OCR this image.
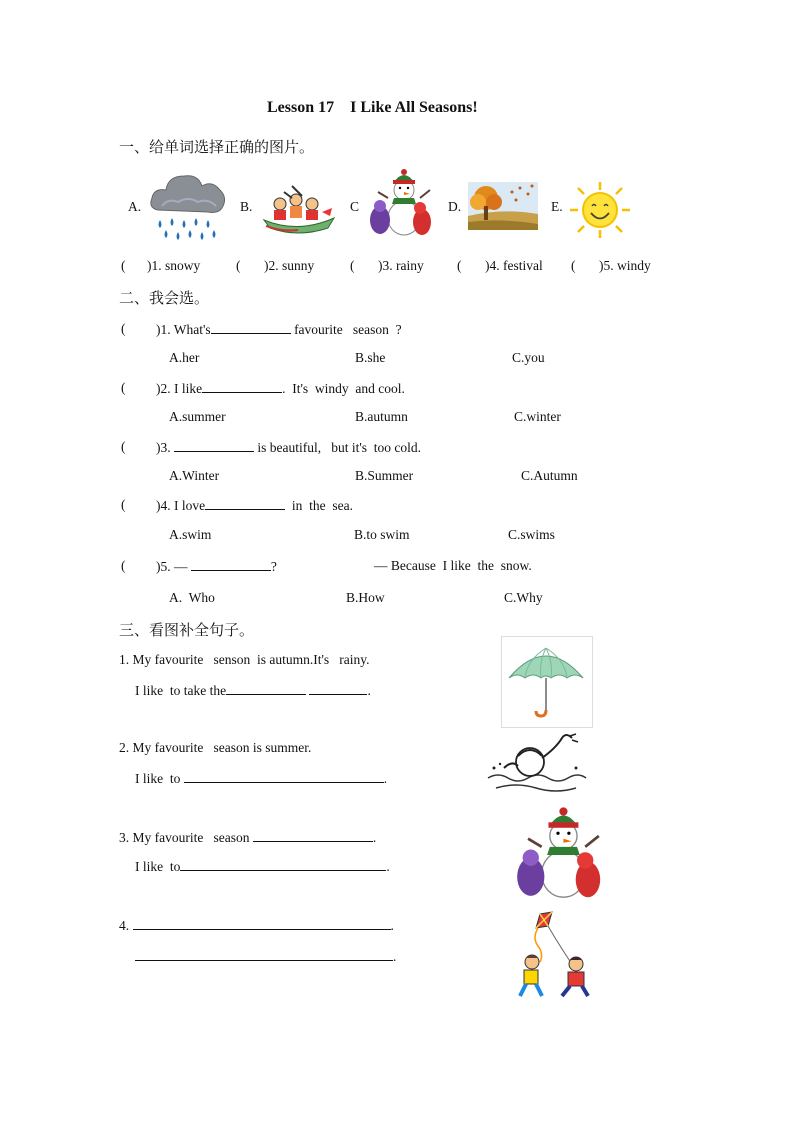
Lesson 17    I Like All Seasons!
一、给单词选择正确的图片。
A.	B.	C	D.	E.
( )1. snowy	( )2. sunny	( )3. rainy ( )4. festival ( )5. windy
二、我会选。
( )1. What's	favourite   season  ?
A.her	B.she	C.you
( )2. I like	.  It's  windy  and cool.
A.summer	B.autumn	C.winter
( )3.	is beautiful,   but it's  too cold.
A.Winter	B.Summer	C.Autumn
( )4. I love	in  the  sea.
A.swim	B.to swim	C.swims
( )5. —	?	— Because  I like  the  snow.
A.  Who	B.How	C.Why
三、看图补全句子。
1. My favourite   senson  is autumn.It's   rainy.
I like  to take the	.
2. My favourite   season is summer.
I like  to	.
3. My favourite   season	.
I like  to	.
4.	.
.
